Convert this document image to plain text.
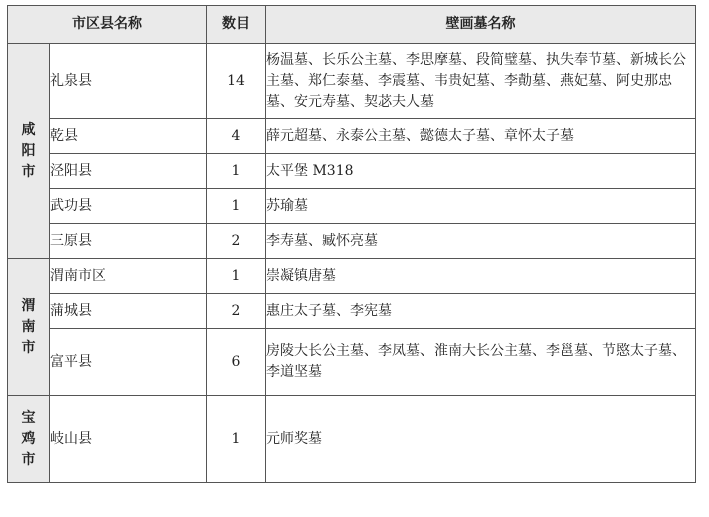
市区县名称		数目	壁画墓名称
咸阳市	礼泉县	14	杨温墓、长乐公主墓、李思摩墓、段简璧墓、执失奉节墓、新城长公主墓、郑仁泰墓、李震墓、韦贵妃墓、李勣墓、燕妃墓、阿史那忠墓、安元寿墓、契苾夫人墓
	乾县	4	薛元超墓、永泰公主墓、懿德太子墓、章怀太子墓
	泾阳县	1	太平堡 M318
	武功县	1	苏瑜墓
	三原县	2	李寿墓、臧怀亮墓
渭南市	渭南市区	1	崇凝镇唐墓
	蒲城县	2	惠庄太子墓、李宪墓
	富平县	6	房陵大长公主墓、李凤墓、淮南大长公主墓、李邕墓、节愍太子墓、李道坚墓
宝鸡市	岐山县	1	元师奖墓
